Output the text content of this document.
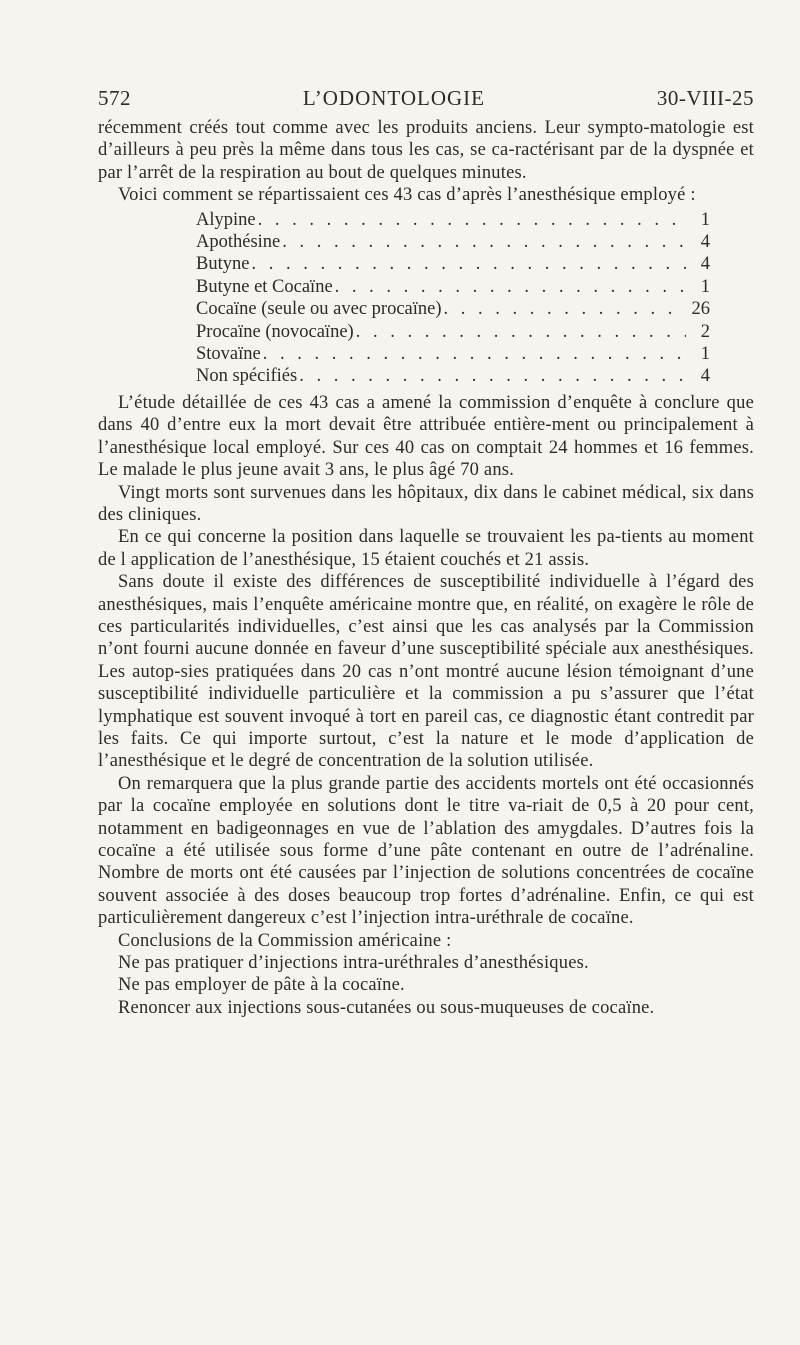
572	L’ODONTOLOGIE	30-VIII-25

récemment créés tout comme avec les produits anciens. Leur sympto-matologie est d’ailleurs à peu près la même dans tous les cas, se ca-ractérisant par de la dyspnée et par l’arrêt de la respiration au bout de quelques minutes.

Voici comment se répartissaient ces 43 cas d’après l’anesthésique employé :

Alypine . . .	1
Apothésine . . .	4
Butyne . . .	4
Butyne et Cocaïne . . .	1
Cocaïne (seule ou avec procaïne) . . .	26
Procaïne (novocaïne) . . .	2
Stovaïne . . .	1
Non spécifiés . . .	4

L’étude détaillée de ces 43 cas a amené la commission d’enquête à conclure que dans 40 d’entre eux la mort devait être attribuée entière-ment ou principalement à l’anesthésique local employé. Sur ces 40 cas on comptait 24 hommes et 16 femmes. Le malade le plus jeune avait 3 ans, le plus âgé 70 ans.

Vingt morts sont survenues dans les hôpitaux, dix dans le cabinet médical, six dans des cliniques.

En ce qui concerne la position dans laquelle se trouvaient les pa-tients au moment de l application de l’anesthésique, 15 étaient couchés et 21 assis.

Sans doute il existe des différences de susceptibilité individuelle à l’égard des anesthésiques, mais l’enquête américaine montre que, en réalité, on exagère le rôle de ces particularités individuelles, c’est ainsi que les cas analysés par la Commission n’ont fourni aucune donnée en faveur d’une susceptibilité spéciale aux anesthésiques. Les autop-sies pratiquées dans 20 cas n’ont montré aucune lésion témoignant d’une susceptibilité individuelle particulière et la commission a pu s’assurer que l’état lymphatique est souvent invoqué à tort en pareil cas, ce diagnostic étant contredit par les faits. Ce qui importe surtout, c’est la nature et le mode d’application de l’anesthésique et le degré de concentration de la solution utilisée.

On remarquera que la plus grande partie des accidents mortels ont été occasionnés par la cocaïne employée en solutions dont le titre va-riait de 0,5 à 20 pour cent, notamment en badigeonnages en vue de l’ablation des amygdales. D’autres fois la cocaïne a été utilisée sous forme d’une pâte contenant en outre de l’adrénaline. Nombre de morts ont été causées par l’injection de solutions concentrées de cocaïne souvent associée à des doses beaucoup trop fortes d’adrénaline. Enfin, ce qui est particulièrement dangereux c’est l’injection intra-uréthrale de cocaïne.

Conclusions de la Commission américaine :

Ne pas pratiquer d’injections intra-uréthrales d’anesthésiques.

Ne pas employer de pâte à la cocaïne.

Renoncer aux injections sous-cutanées ou sous-muqueuses de cocaïne.
